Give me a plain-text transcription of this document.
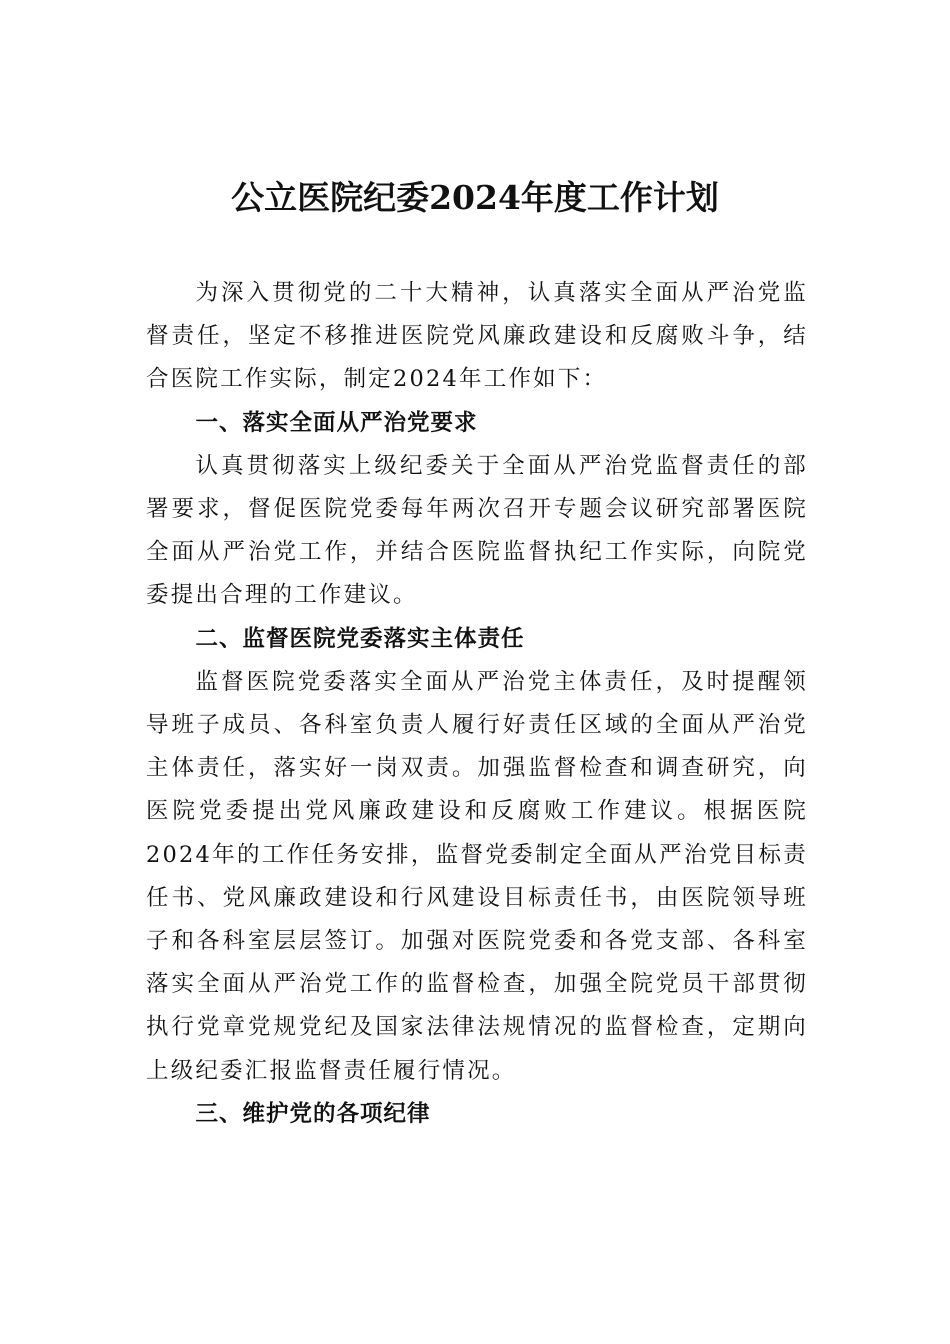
公立医院纪委2024年度工作计划

为深入贯彻党的二十大精神，认真落实全面从严治党监督责任，坚定不移推进医院党风廉政建设和反腐败斗争，结合医院工作实际，制定2024年工作如下：

一、落实全面从严治党要求

认真贯彻落实上级纪委关于全面从严治党监督责任的部署要求，督促医院党委每年两次召开专题会议研究部署医院全面从严治党工作，并结合医院监督执纪工作实际，向院党委提出合理的工作建议。

二、监督医院党委落实主体责任

监督医院党委落实全面从严治党主体责任，及时提醒领导班子成员、各科室负责人履行好责任区域的全面从严治党主体责任，落实好一岗双责。加强监督检查和调查研究，向医院党委提出党风廉政建设和反腐败工作建议。根据医院2024年的工作任务安排，监督党委制定全面从严治党目标责任书、党风廉政建设和行风建设目标责任书，由医院领导班子和各科室层层签订。加强对医院党委和各党支部、各科室落实全面从严治党工作的监督检查，加强全院党员干部贯彻执行党章党规党纪及国家法律法规情况的监督检查，定期向上级纪委汇报监督责任履行情况。

三、维护党的各项纪律
